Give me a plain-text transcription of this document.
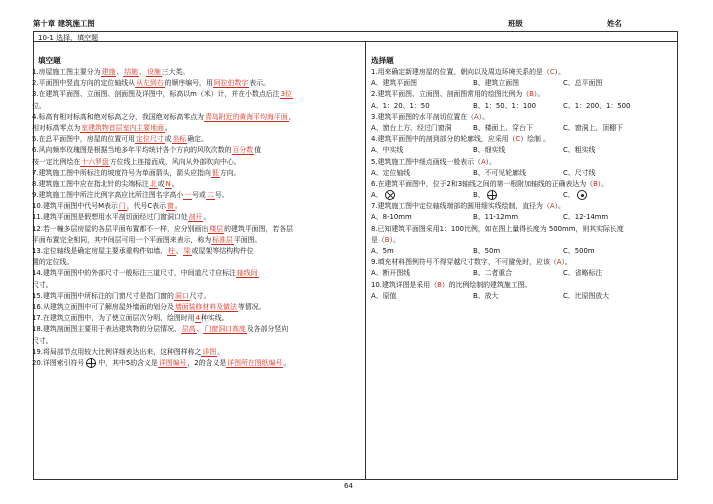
第十章 建筑施工图	班级	姓名
10-1 选择、填空题
填空题	选择题
1.房屋施工图主要分为建施、结施、设施三大类。
2.平面图中竖直方向的定位轴线从从左到右的顺序编号，用阿拉伯数字表示。
3.在建筑平面图、立面图、剖面图及详图中，标高以m（米）计，并在小数点后注3位
位。
4.标高有相对标高和绝对标高之分，我国绝对标高零点为青岛附近的黄海平均海平面，
相对标高零点为室建筑物首层室内主要地面。
5.在总平面图中，房屋的位置可用定位尺寸或坐标确定。
6.风向频率玫瑰图是根据当地多年平均统计各个方向的风吹次数的百分数值
按一定比例绘在十六罗盘方位线上连接而成，风向从外部吹向中心。
7.建筑施工图中所标注的坡度符号为单面箭头，箭头应指向低方向。
8.建筑施工图中应在指北针的尖端标注北或N。
9.建筑施工图中所注比例字高应比所注图名字高小一号或二号。
10.建筑平面图中代号M表示门，代号C表示窗。
11.建筑平面图是假想用水平剖切面经过门窗洞口处剖开。
12.若一幢多层房屋的各层平面布置都不一样，应分别画出楼层的建筑平面图，若各层
平面布置完全相同，其中间层可用一个平面图来表示，称为标准层平面图。
13.定位轴线是确定房屋主要承重构件如墙、柱、梁或屋架等结构构件位
置的定位线。
14.建筑平面图中的外部尺寸一般标注三道尺寸，中间道尺寸应标注轴线间
尺寸。
15.建筑平面图中所标注的门窗尺寸是指门窗的洞口尺寸。
16.从建筑立面图中可了解房屋外墙面的划分及墙面装修材料及做法等情况。
17.在建筑立面图中，为了使立面层次分明，绘图时用4种实线。
18.建筑剖面图主要用于表达建筑物的分层情况、层高、门窗洞口高度及各部分竖向
尺寸。
19.将局部节点用较大比例详细表达出来，这种图样称之详图。
20.详图索引符号 中，其中5的含义是详图编号，2的含义是详图所在图纸编号。
1.用来确定新建房屋的位置、朝向以及周边环境关系的是（C）。
A、建筑平面图	B、建筑立面图	C、总平面图
2.建筑平面图、立面图、剖面图常用的绘图比例为（B）。
A、1：20、1：50	B、1：50、1：100	C、1：200、1：500
3.建筑平面图的水平剖切位置在（A）。
A、窗台上方、经过门窗洞	B、楼面上、穿台下	C、窗洞上、顶棚下
4.建筑平面图中的剖到部分的轮廓线，应采用（C）绘制 。
A、中实线	B、细实线	C、粗实线
5.建筑施工图中细点画线一般表示（A）。
A、定位轴线	B、不可见轮廓线	C、尺寸线
6.在建筑平面图中，位于2和3轴线之间的第一根附加轴线的正确表达为（B）。
A、	B、	C、
7.建筑施工图中定位轴线端部的圆用细实线绘制，直径为（A）。
A、8-10mm	B、11-12mm	C、12-14mm
8.已知建筑平面图采用1：100比例，如在图上量得长度为 500mm，则其实际长度
是（B）。
A、5m	B、50m	C、500m
9.填充材料图例符号不得穿越尺寸数字，不可避免时，应该（A）。
A、断开图线	B、二者重合	C、省略标注
10.建筑详图是采用（B）的比例绘制的建筑施工图。
A、原值	B、放大	C、比原图放大
64
